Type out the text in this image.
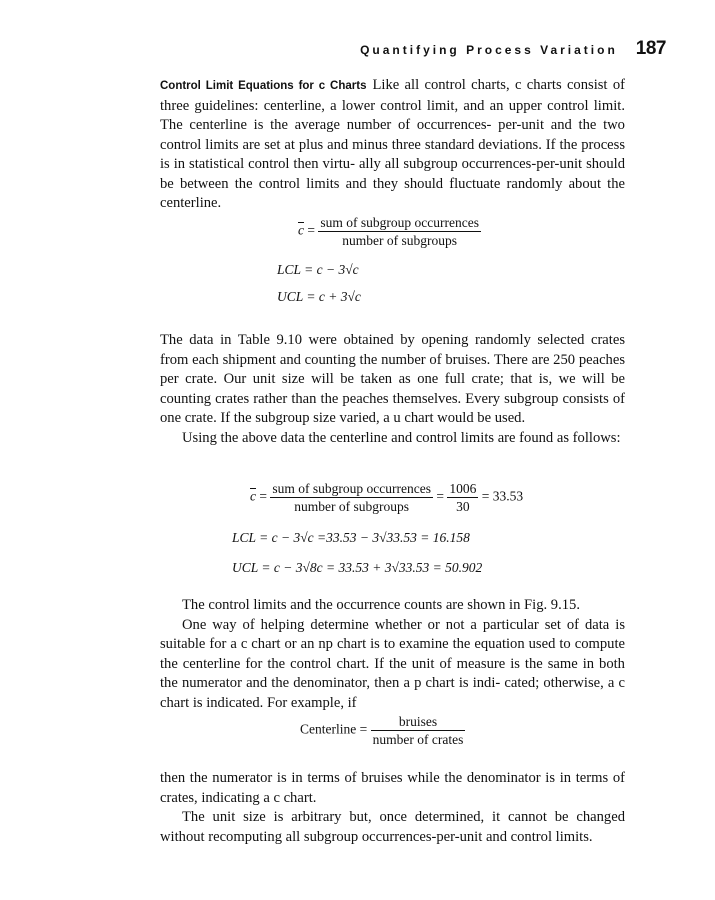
Quantifying Process Variation 187

Control Limit Equations for c Charts Like all control charts, c charts consist of three guidelines: centerline, a lower control limit, and an upper control limit. The centerline is the average number of occurrences- per-unit and the two control limits are set at plus and minus three standard deviations. If the process is in statistical control then virtu- ally all subgroup occurrences-per-unit should be between the control limits and they should fluctuate randomly about the centerline.

$\overline{c} = \frac{\text{sum of subgroup occurrences}}{\text{number of subgroups}}$
LCL = c − 3√c
UCL = c + 3√c

The data in Table 9.10 were obtained by opening randomly selected crates from each shipment and counting the number of bruises. There are 250 peaches per crate. Our unit size will be taken as one full crate; that is, we will be counting crates rather than the peaches themselves. Every subgroup consists of one crate. If the subgroup size varied, a u chart would be used.

Using the above data the centerline and control limits are found as follows:

$\overline{c} = \frac{\text{sum of subgroup occurrences}}{\text{number of subgroups}} = \frac{1006}{30} = 33.53$
LCL = c − 3√c =33.53 − 3√33.53 = 16.158
UCL = c − 3√8c = 33.53 + 3√33.53 = 50.902

The control limits and the occurrence counts are shown in Fig. 9.15.

One way of helping determine whether or not a particular set of data is suitable for a c chart or an np chart is to examine the equation used to compute the centerline for the control chart. If the unit of measure is the same in both the numerator and the denominator, then a p chart is indi- cated; otherwise, a c chart is indicated. For example, if

Centerline = $\frac{\text{bruises}}{\text{number of crates}}$

then the numerator is in terms of bruises while the denominator is in terms of crates, indicating a c chart.

The unit size is arbitrary but, once determined, it cannot be changed without recomputing all subgroup occurrences-per-unit and control limits.
